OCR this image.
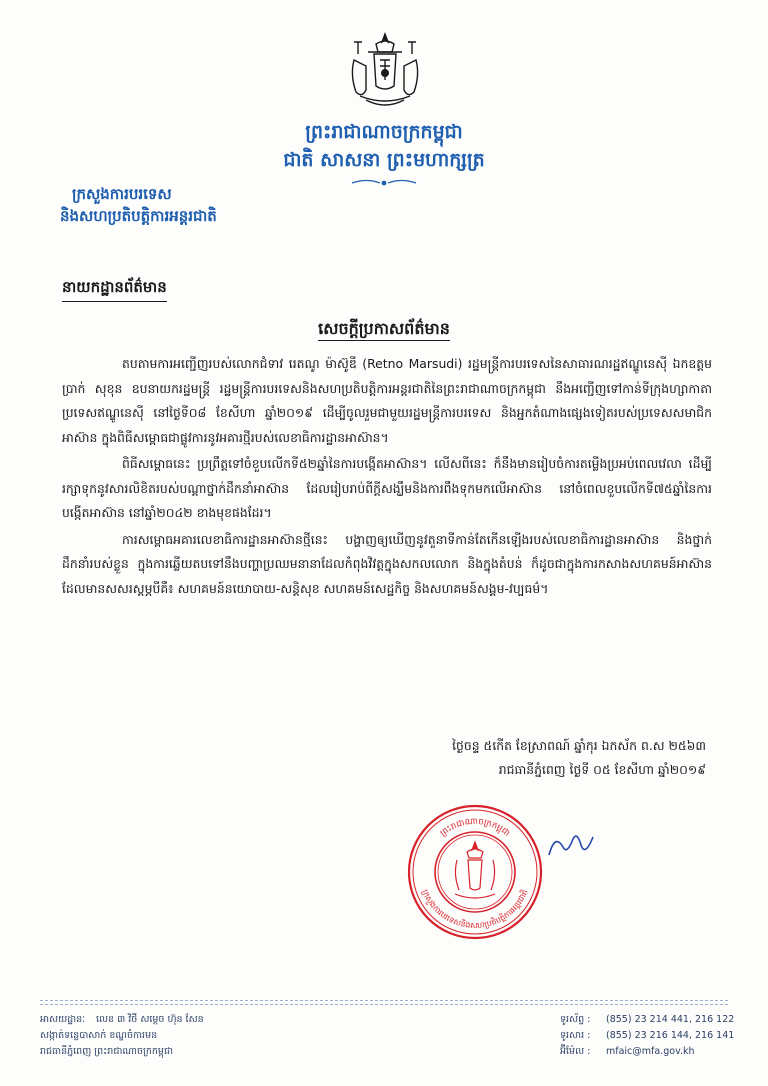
ព្រះរាជាណាចក្រកម្ពុជា
ជាតិ សាសនា ព្រះមហាក្សត្រ
ក្រសួងការបរទេស
និងសហប្រតិបត្តិការអន្តរជាតិ
នាយកដ្ឋានព័ត៌មាន
សេចក្ដីប្រកាសព័ត៌មាន

តបតាមការអញ្ជើញរបស់លោកជំទាវ រេតណូ ម៉ាស៊ូឌី (Retno Marsudi) រដ្ឋមន្ត្រីការបរទេសនៃសាធារណរដ្ឋឥណ្ឌូនេស៊ី ឯកឧត្ដម ប្រាក់ សុខុន ឧបនាយករដ្ឋមន្ត្រី រដ្ឋមន្ត្រីការបរទេសនិងសហប្រតិបត្តិការអន្តរជាតិនៃព្រះរាជាណាចក្រកម្ពុជា នឹងអញ្ជើញទៅកាន់ទីក្រុងហ្សាកាតា ប្រទេសឥណ្ឌូនេស៊ី នៅថ្ងៃទី០៨ ខែសីហា ឆ្នាំ២០១៩ ដើម្បីចូលរួមជាមួយរដ្ឋមន្ត្រីការបរទេស និងអ្នកតំណាងផ្សេងទៀតរបស់ប្រទេសសមាជិកអាស៊ាន ក្នុងពិធីសម្ពោធជាផ្លូវការនូវអគារថ្មីរបស់លេខាធិការដ្ឋានអាស៊ាន។

ពិធីសម្ពោធនេះ ប្រព្រឹត្តទៅចំខួបលើកទី៥២ឆ្នាំនៃការបង្កើតអាស៊ាន។ លើសពីនេះ ក៏នឹងមានរៀបចំការតម្លើងប្រអប់ពេលវេលា ដើម្បីរក្សាទុកនូវសារលិខិតរបស់បណ្ដាថ្នាក់ដឹកនាំអាស៊ាន ដែលរៀបរាប់ពីក្ដីសង្ឃឹមនិងការពឹងទុកមកលើអាស៊ាន នៅចំពេលខួបលើកទី៧៥ឆ្នាំនៃការបង្កើតអាស៊ាន នៅឆ្នាំ២០៤២ ខាងមុខផងដែរ។

ការសម្ពោធអគារលេខាធិការដ្ឋានអាស៊ានថ្មីនេះ បង្ហាញឲ្យឃើញនូវតួនាទីកាន់តែកើនឡើងរបស់លេខាធិការដ្ឋានអាស៊ាន និងថ្នាក់ដឹកនាំរបស់ខ្លួន ក្នុងការឆ្លើយតបទៅនឹងបញ្ហាប្រឈមនានាដែលកំពុងវិវត្តក្នុងសកលលោក និងក្នុងតំបន់ ក៏ដូចជាក្នុងការកសាងសហគមន៍អាស៊ាន ដែលមានសសរស្ដម្ភបីគឺ៖ សហគមន៍នយោបាយ-សន្តិសុខ សហគមន៍សេដ្ឋកិច្ច និងសហគមន៍សង្គម-វប្បធម៌។

ថ្ងៃចន្ទ ៥កើត ខែស្រាពណ៍ ឆ្នាំកុរ ឯកស័ក ព.ស ២៥៦៣
រាជធានីភ្នំពេញ ថ្ងៃទី ០៥ ខែសីហា ឆ្នាំ២០១៩
ព្រះរាជាណាចក្រកម្ពុជា
ក្រសួងការបរទេសនិងសហប្រតិបត្តិការអន្តរជាតិ
អាសយដ្ឋានៈ លេខ ៣ វិថី សម្ដេច ហ៊ុន សែន
សង្កាត់ទន្លេបាសាក់ ខណ្ឌចំការមន
រាជធានីភ្នំពេញ ព្រះរាជាណាចក្រកម្ពុជា
ទូរស័ព្ទ : (855) 23 214 441, 216 122
ទូរសារ : (855) 23 216 144, 216 141
អ៊ីម៉ែល : mfaic@mfa.gov.kh
